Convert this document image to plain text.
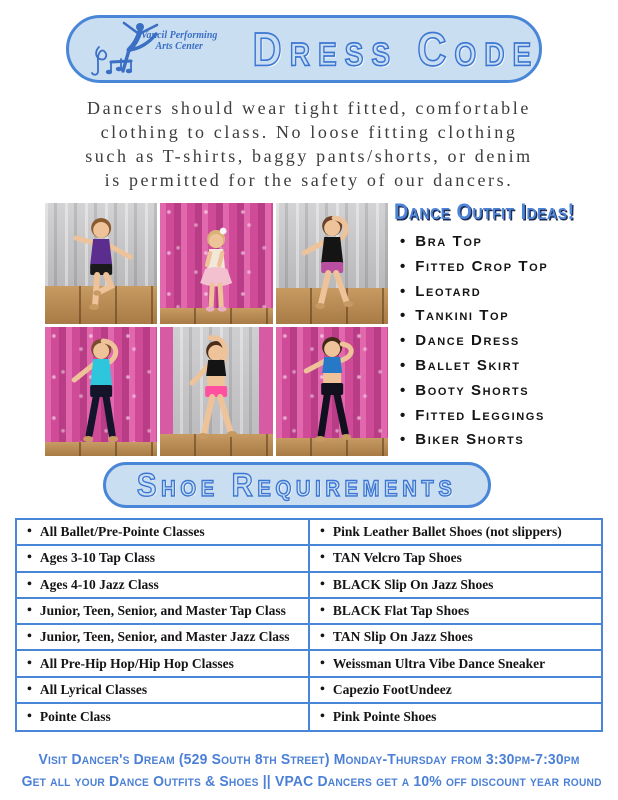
Vancil Performing
Arts Center	Dress Code
Dancers should wear tight fitted, comfortable
clothing to class. No loose fitting clothing
such as T-shirts, baggy pants/shorts, or denim
is permitted for the safety of our dancers.
Dance Outfit Ideas!
• Bra Top
• Fitted Crop Top
• Leotard
• Tankini Top
• Dance Dress
• Ballet Skirt
• Booty Shorts
• Fitted Leggings
• Biker Shorts
Shoe Requirements
• All Ballet/Pre-Pointe Classes	• Pink Leather Ballet Shoes (not slippers)
• Ages 3-10 Tap Class	• TAN Velcro Tap Shoes
• Ages 4-10 Jazz Class	• BLACK Slip On Jazz Shoes
• Junior, Teen, Senior, and Master Tap Class	• BLACK Flat Tap Shoes
• Junior, Teen, Senior, and Master Jazz Class	• TAN Slip On Jazz Shoes
• All Pre-Hip Hop/Hip Hop Classes	• Weissman Ultra Vibe Dance Sneaker
• All Lyrical Classes	• Capezio FootUndeez
• Pointe Class	• Pink Pointe Shoes
Visit Dancer's Dream (529 South 8th Street) Monday-Thursday from 3:30pm-7:30pm
Get all your Dance Outfits & Shoes || VPAC Dancers get a 10% off discount year round
